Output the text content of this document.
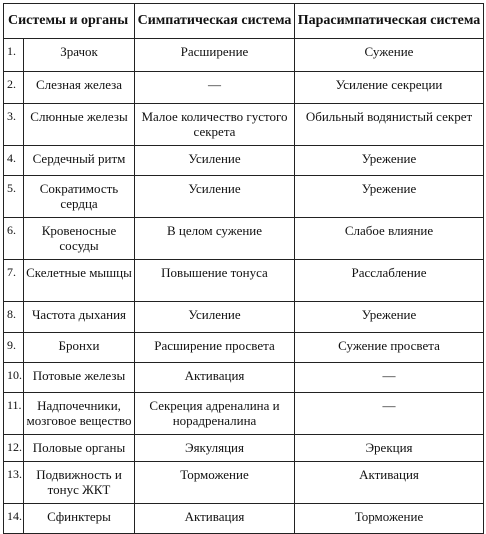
Системы и органы		Симпатическая система	Парасимпатическая система
1.	Зрачок	Расширение	Сужение
2.	Слезная железа	—	Усиление секреции
3.	Слюнные железы	Малое количество густого секрета	Обильный водянистый секрет
4.	Сердечный ритм	Усиление	Урежение
5.	Сократимость сердца	Усиление	Урежение
6.	Кровеносные сосуды	В целом сужение	Слабое влияние
7.	Скелетные мышцы	Повышение тонуса	Расслабление
8.	Частота дыхания	Усиление	Урежение
9.	Бронхи	Расширение просвета	Сужение просвета
10.	Потовые железы	Активация	—
11.	Надпочечники, мозговое вещество	Секреция адреналина и норадреналина	—
12.	Половые органы	Эякуляция	Эрекция
13.	Подвижность и тонус ЖКТ	Торможение	Активация
14.	Сфинктеры	Активация	Торможение
